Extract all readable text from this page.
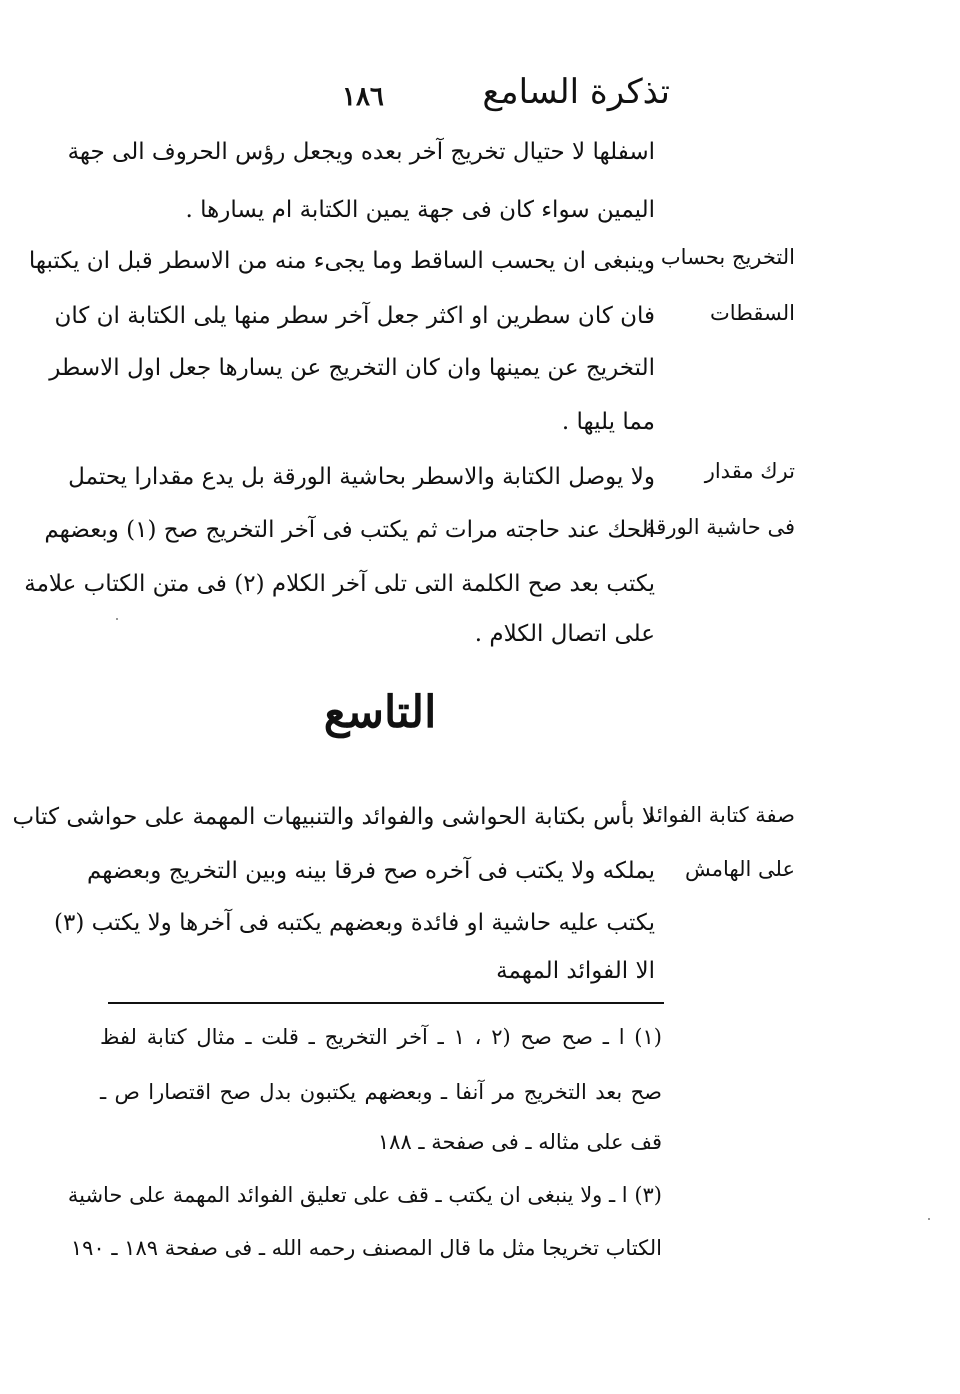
تذكرة السامع
١٨٦
اسفلها لا حتيال تخريج آخر بعده ويجعل رؤس الحروف الى جهة
اليمين سواء كان فى جهة يمين الكتابة ام يسارها .
التخريج بحساب
السقطات
وينبغى ان يحسب الساقط وما يجىء منه من الاسطر قبل ان يكتبها
فان كان سطرين او اكثر جعل آخر سطر منها يلى الكتابة ان كان
التخريج عن يمينها وان كان التخريج عن يسارها جعل اول الاسطر
مما يليها .
ترك مقدار
فى حاشية الورقة
ولا يوصل الكتابة والاسطر بحاشية الورقة بل يدع مقدارا يحتمل
الحك عند حاجته مرات ثم يكتب فى آخر التخريج صح (١) وبعضهم
يكتب بعد صح الكلمة التى تلى آخر الكلام (٢) فى متن الكتاب علامة
على اتصال الكلام .
التاسع
صفة كتابة الفوائد
على الهامش
لا بأس بكتابة الحواشى والفوائد والتنبيهات المهمة على حواشى كتاب
يملكه ولا يكتب فى آخره صح فرقا بينه وبين التخريج وبعضهم
يكتب عليه حاشية او فائدة وبعضهم يكتبه فى آخرها ولا يكتب (٣)
الا الفوائد المهمة
(١) ا ـ صح صح (٢ ، ١ ـ آخر التخريج ـ قلت ـ مثال كتابة لفظ
صح بعد التخريج مر آنفا ـ وبعضهم يكتبون بدل صح اقتصارا ص ـ
قف على مثاله ـ فى صفحة ـ ١٨٨
(٣) ا ـ ولا ينبغى ان يكتب ـ قف على تعليق الفوائد المهمة على حاشية
الكتاب تخريجا مثل ما قال المصنف رحمه الله ـ فى صفحة ١٨٩ ـ ١٩٠
